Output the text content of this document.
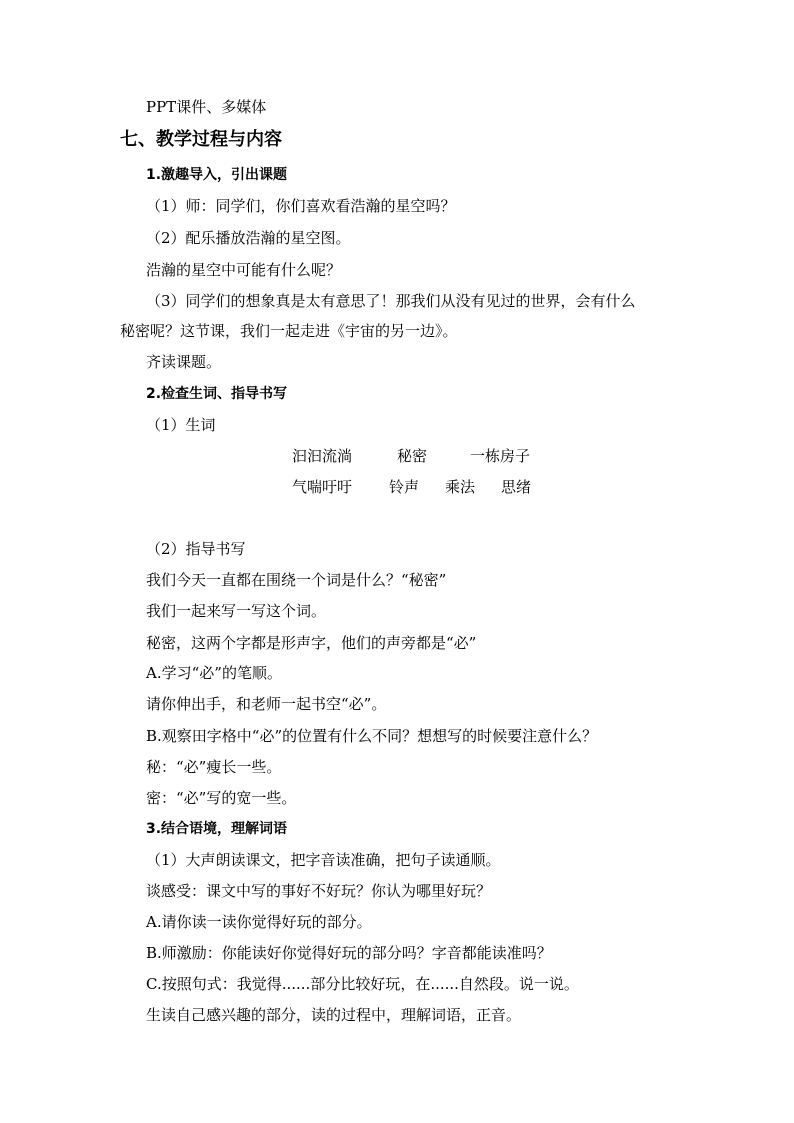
PPT课件、多媒体
七、教学过程与内容
1.激趣导入，引出课题
（1）师：同学们，你们喜欢看浩瀚的星空吗？
（2）配乐播放浩瀚的星空图。
浩瀚的星空中可能有什么呢？
（3）同学们的想象真是太有意思了！那我们从没有见过的世界，会有什么
秘密呢？这节课，我们一起走进《宇宙的另一边》。
齐读课题。
2.检查生词、指导书写
（1）生词
汩汩流淌	秘密	一栋房子
气喘吁吁 铃声 乘法 思绪
（2）指导书写
我们今天一直都在围绕一个词是什么？“秘密”
我们一起来写一写这个词。
秘密，这两个字都是形声字，他们的声旁都是“必”
A.学习“必”的笔顺。
请你伸出手，和老师一起书空“必”。
B.观察田字格中“必”的位置有什么不同？想想写的时候要注意什么？
秘：“必”瘦长一些。
密：“必”写的宽一些。
3.结合语境，理解词语
（1）大声朗读课文，把字音读准确，把句子读通顺。
谈感受：课文中写的事好不好玩？你认为哪里好玩？
A.请你读一读你觉得好玩的部分。
B.师激励：你能读好你觉得好玩的部分吗？字音都能读准吗？
C.按照句式：我觉得......部分比较好玩，在......自然段。说一说。
生读自己感兴趣的部分，读的过程中，理解词语，正音。
